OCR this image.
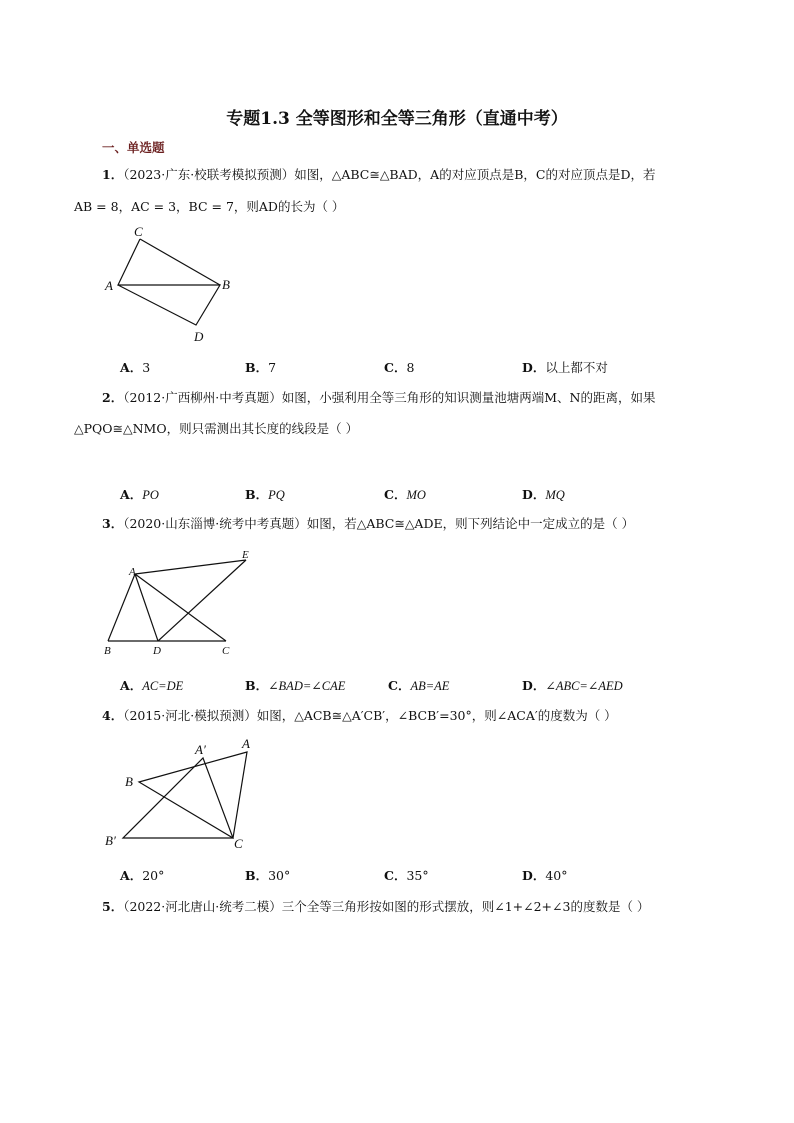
专题1.3 全等图形和全等三角形（直通中考）
一、单选题
1．（2023·广东·校联考模拟预测）如图，△ABC≅△BAD，A的对应顶点是B，C的对应顶点是D，若
AB = 8，AC = 3，BC = 7，则AD的长为（ ）
C
A	B
D
A．3	B．7	C．8	D．以上都不对
2．（2012·广西柳州·中考真题）如图，小强利用全等三角形的知识测量池塘两端M、N的距离，如果
△PQO≅△NMO，则只需测出其长度的线段是（ ）
A．PO	B．PQ	C．MO	D．MQ
3．（2020·山东淄博·统考中考真题）如图，若△ABC≅△ADE，则下列结论中一定成立的是（ ）
E
A
B	D	C
A．AC=DE	B．∠BAD=∠CAE	C．AB=AE	D．∠ABC=∠AED
4．（2015·河北·模拟预测）如图，△ACB≅△A′CB′，∠BCB′=30°，则∠ACA′的度数为（ ）
A′	A
B
B′	C
A．20°	B．30°	C．35°	D．40°
5．（2022·河北唐山·统考二模）三个全等三角形按如图的形式摆放，则∠1+∠2+∠3的度数是（ ）
